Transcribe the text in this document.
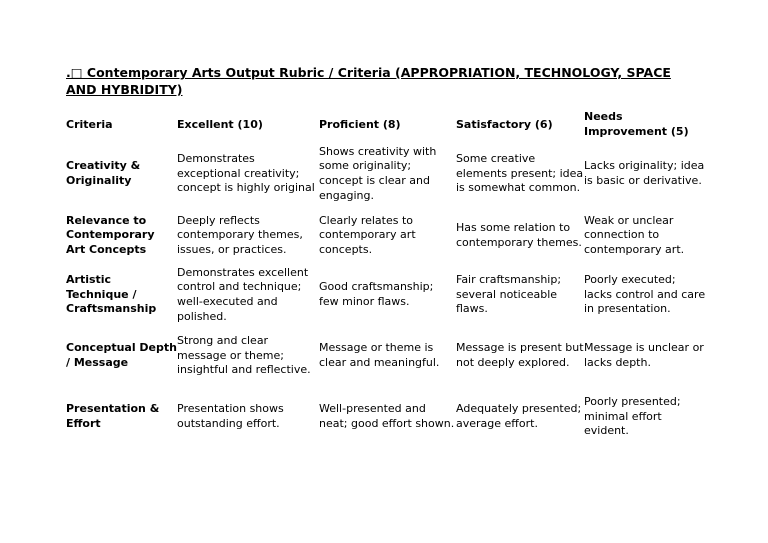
.□ Contemporary Arts Output Rubric / Criteria (APPROPRIATION, TECHNOLOGY, SPACE AND HYBRIDITY)
Criteria	Excellent (10)	Proficient (8)	Satisfactory (6)	Needs Improvement (5)
Creativity & Originality	Demonstrates exceptional creativity; concept is highly original	Shows creativity with some originality; concept is clear and engaging.	Some creative elements present; idea is somewhat common.	Lacks originality; idea is basic or derivative.
Relevance to Contemporary Art Concepts	Deeply reflects contemporary themes, issues, or practices.	Clearly relates to contemporary art concepts.	Has some relation to contemporary themes.	Weak or unclear connection to contemporary art.
Artistic Technique / Craftsmanship	Demonstrates excellent control and technique; well-executed and polished.	Good craftsmanship; few minor flaws.	Fair craftsmanship; several noticeable flaws.	Poorly executed; lacks control and care in presentation.
Conceptual Depth / Message	Strong and clear message or theme; insightful and reflective.	Message or theme is clear and meaningful.	Message is present but not deeply explored.	Message is unclear or lacks depth.
Presentation & Effort	Presentation shows outstanding effort.	Well-presented and neat; good effort shown.	Adequately presented; average effort.	Poorly presented; minimal effort evident.
